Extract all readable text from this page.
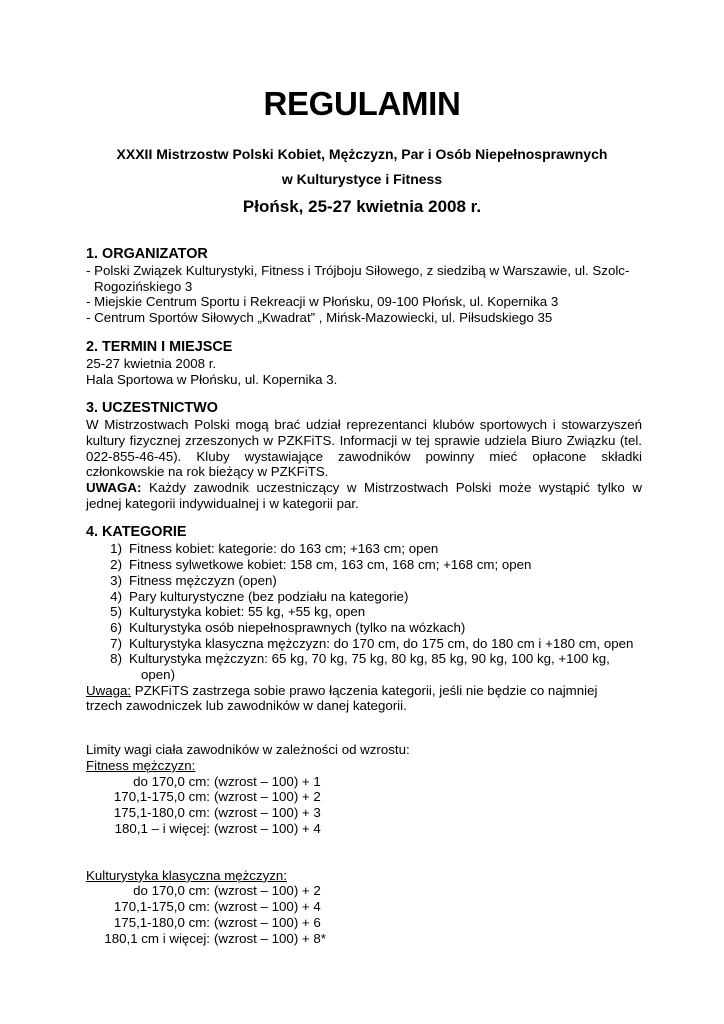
REGULAMIN
XXXII Mistrzostw Polski Kobiet, Mężczyzn, Par i Osób Niepełnosprawnych
w Kulturystyce i Fitness
Płońsk, 25-27 kwietnia 2008 r.
1. ORGANIZATOR
- Polski Związek Kulturystyki, Fitness i Trójboju Siłowego, z siedzibą w Warszawie, ul. Szolc-
Rogozińskiego 3
- Miejskie Centrum Sportu i Rekreacji w Płońsku, 09-100 Płońsk, ul. Kopernika 3
- Centrum Sportów Siłowych „Kwadrat” , Mińsk-Mazowiecki, ul. Piłsudskiego 35
2. TERMIN I MIEJSCE
25-27 kwietnia 2008 r.
Hala Sportowa w Płońsku, ul. Kopernika 3.
3. UCZESTNICTWO
W Mistrzostwach Polski mogą brać udział reprezentanci klubów sportowych i stowarzyszeń
kultury fizycznej zrzeszonych w PZKFiTS. Informacji w tej sprawie udziela Biuro Związku (tel.
022-855-46-45). Kluby wystawiające zawodników powinny mieć opłacone składki
członkowskie na rok bieżący w PZKFiTS.
UWAGA: Każdy zawodnik uczestniczący w Mistrzostwach Polski może wystąpić tylko w
jednej kategorii indywidualnej i w kategorii par.
4. KATEGORIE
1) Fitness kobiet: kategorie: do 163 cm; +163 cm; open
2) Fitness sylwetkowe kobiet: 158 cm, 163 cm, 168 cm; +168 cm; open
3) Fitness mężczyzn (open)
4) Pary kulturystyczne (bez podziału na kategorie)
5) Kulturystyka kobiet: 55 kg, +55 kg, open
6) Kulturystyka osób niepełnosprawnych (tylko na wózkach)
7) Kulturystyka klasyczna mężczyzn: do 170 cm, do 175 cm, do 180 cm i +180 cm, open
8) Kulturystyka mężczyzn: 65 kg, 70 kg, 75 kg, 80 kg, 85 kg, 90 kg, 100 kg, +100 kg,
open)
Uwaga: PZKFiTS zastrzega sobie prawo łączenia kategorii, jeśli nie będzie co najmniej
trzech zawodniczek lub zawodników w danej kategorii.
Limity wagi ciała zawodników w zależności od wzrostu:
Fitness mężczyzn:
do 170,0 cm: (wzrost – 100) + 1
170,1-175,0 cm: (wzrost – 100) + 2
175,1-180,0 cm: (wzrost – 100) + 3
180,1 – i więcej: (wzrost – 100) + 4
Kulturystyka klasyczna mężczyzn:
do 170,0 cm: (wzrost – 100) + 2
170,1-175,0 cm: (wzrost – 100) + 4
175,1-180,0 cm: (wzrost – 100) + 6
180,1 cm i więcej: (wzrost – 100) + 8*
